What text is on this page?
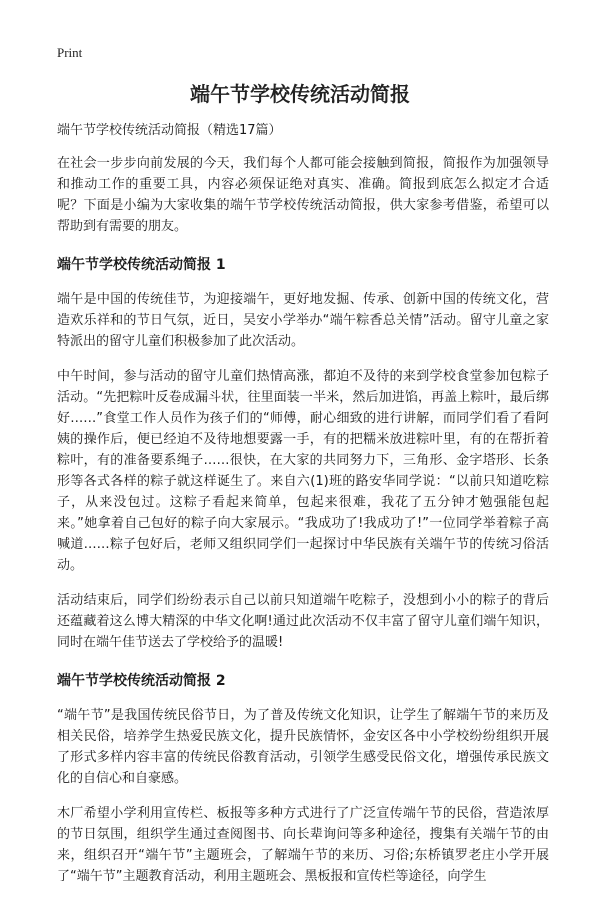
Print
端午节学校传统活动简报

端午节学校传统活动简报（精选17篇）

在社会一步步向前发展的今天，我们每个人都可能会接触到简报，简报作为加强领导和推动工作的重要工具，内容必须保证绝对真实、准确。简报到底怎么拟定才合适呢？下面是小编为大家收集的端午节学校传统活动简报，供大家参考借鉴，希望可以帮助到有需要的朋友。

端午节学校传统活动简报 1

端午是中国的传统佳节，为迎接端午，更好地发掘、传承、创新中国的传统文化，营造欢乐祥和的节日气氛，近日，吴安小学举办“端午粽香总关情”活动。留守儿童之家特派出的留守儿童们积极参加了此次活动。

中午时间，参与活动的留守儿童们热情高涨，都迫不及待的来到学校食堂参加包粽子活动。“先把粽叶反卷成漏斗状，往里面装一半米，然后加进馅，再盖上粽叶，最后绑好……”食堂工作人员作为孩子们的“师傅，耐心细致的进行讲解，而同学们看了看阿姨的操作后，便已经迫不及待地想要露一手，有的把糯米放进粽叶里，有的在帮折着粽叶，有的准备要系绳子……很快，在大家的共同努力下，三角形、金字塔形、长条形等各式各样的粽子就这样诞生了。来自六(1)班的路安华同学说：“以前只知道吃粽子，从来没包过。这粽子看起来简单，包起来很难，我花了五分钟才勉强能包起来。”她拿着自己包好的粽子向大家展示。“我成功了!我成功了!”一位同学举着粽子高喊道……粽子包好后，老师又组织同学们一起探讨中华民族有关端午节的传统习俗活动。

活动结束后，同学们纷纷表示自己以前只知道端午吃粽子，没想到小小的粽子的背后还蕴藏着这么博大精深的中华文化啊!通过此次活动不仅丰富了留守儿童们端午知识，同时在端午佳节送去了学校给予的温暖!

端午节学校传统活动简报 2

“端午节”是我国传统民俗节日，为了普及传统文化知识，让学生了解端午节的来历及相关民俗，培养学生热爱民族文化，提升民族情怀，金安区各中小学校纷纷组织开展了形式多样内容丰富的传统民俗教育活动，引领学生感受民俗文化，增强传承民族文化的自信心和自豪感。

木厂希望小学利用宣传栏、板报等多种方式进行了广泛宣传端午节的民俗，营造浓厚的节日氛围，组织学生通过查阅图书、向长辈询问等多种途径，搜集有关端午节的由来，组织召开“端午节”主题班会，了解端午节的来历、习俗;东桥镇罗老庄小学开展了“端午节”主题教育活动，利用主题班会、黑板报和宣传栏等途径，向学生
